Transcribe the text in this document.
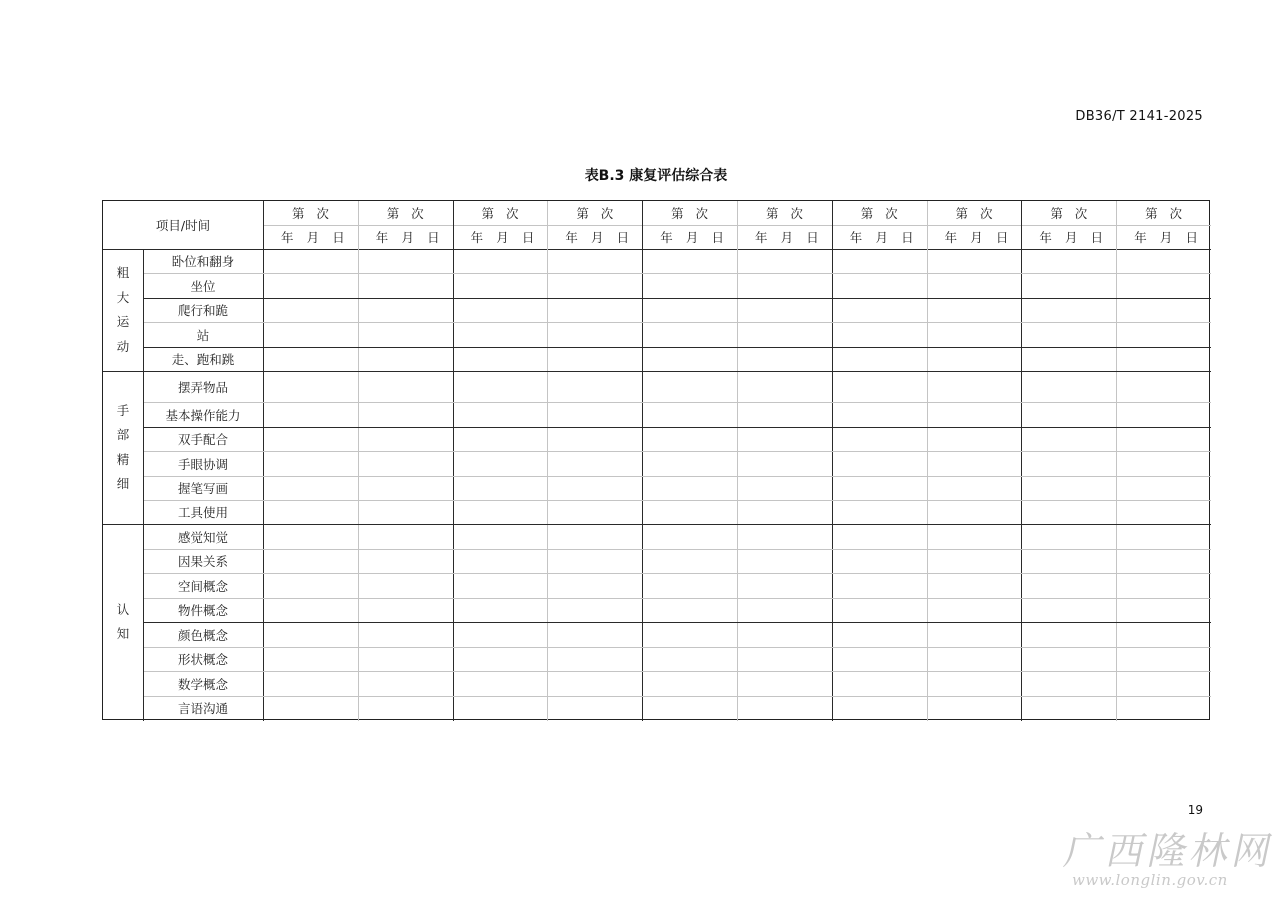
DB36/T 2141-2025
表B.3 康复评估综合表
项目/时间
第   次
年 月 日
第   次
年 月 日
第   次
年 月 日
第   次
年 月 日
第   次
年 月 日
第   次
年 月 日
第   次
年 月 日
第   次
年 月 日
第   次
年 月 日
第   次
年 月 日
卧位和翻身
坐位
爬行和跪
站
走、跑和跳
粗
大
运
动
摆弄物品
基本操作能力
双手配合
手眼协调
握笔写画
工具使用
手
部
精
细
感觉知觉
因果关系
空间概念
物件概念
颜色概念
形状概念
数学概念
言语沟通
认
知
19
广西隆林网
www.longlin.gov.cn
